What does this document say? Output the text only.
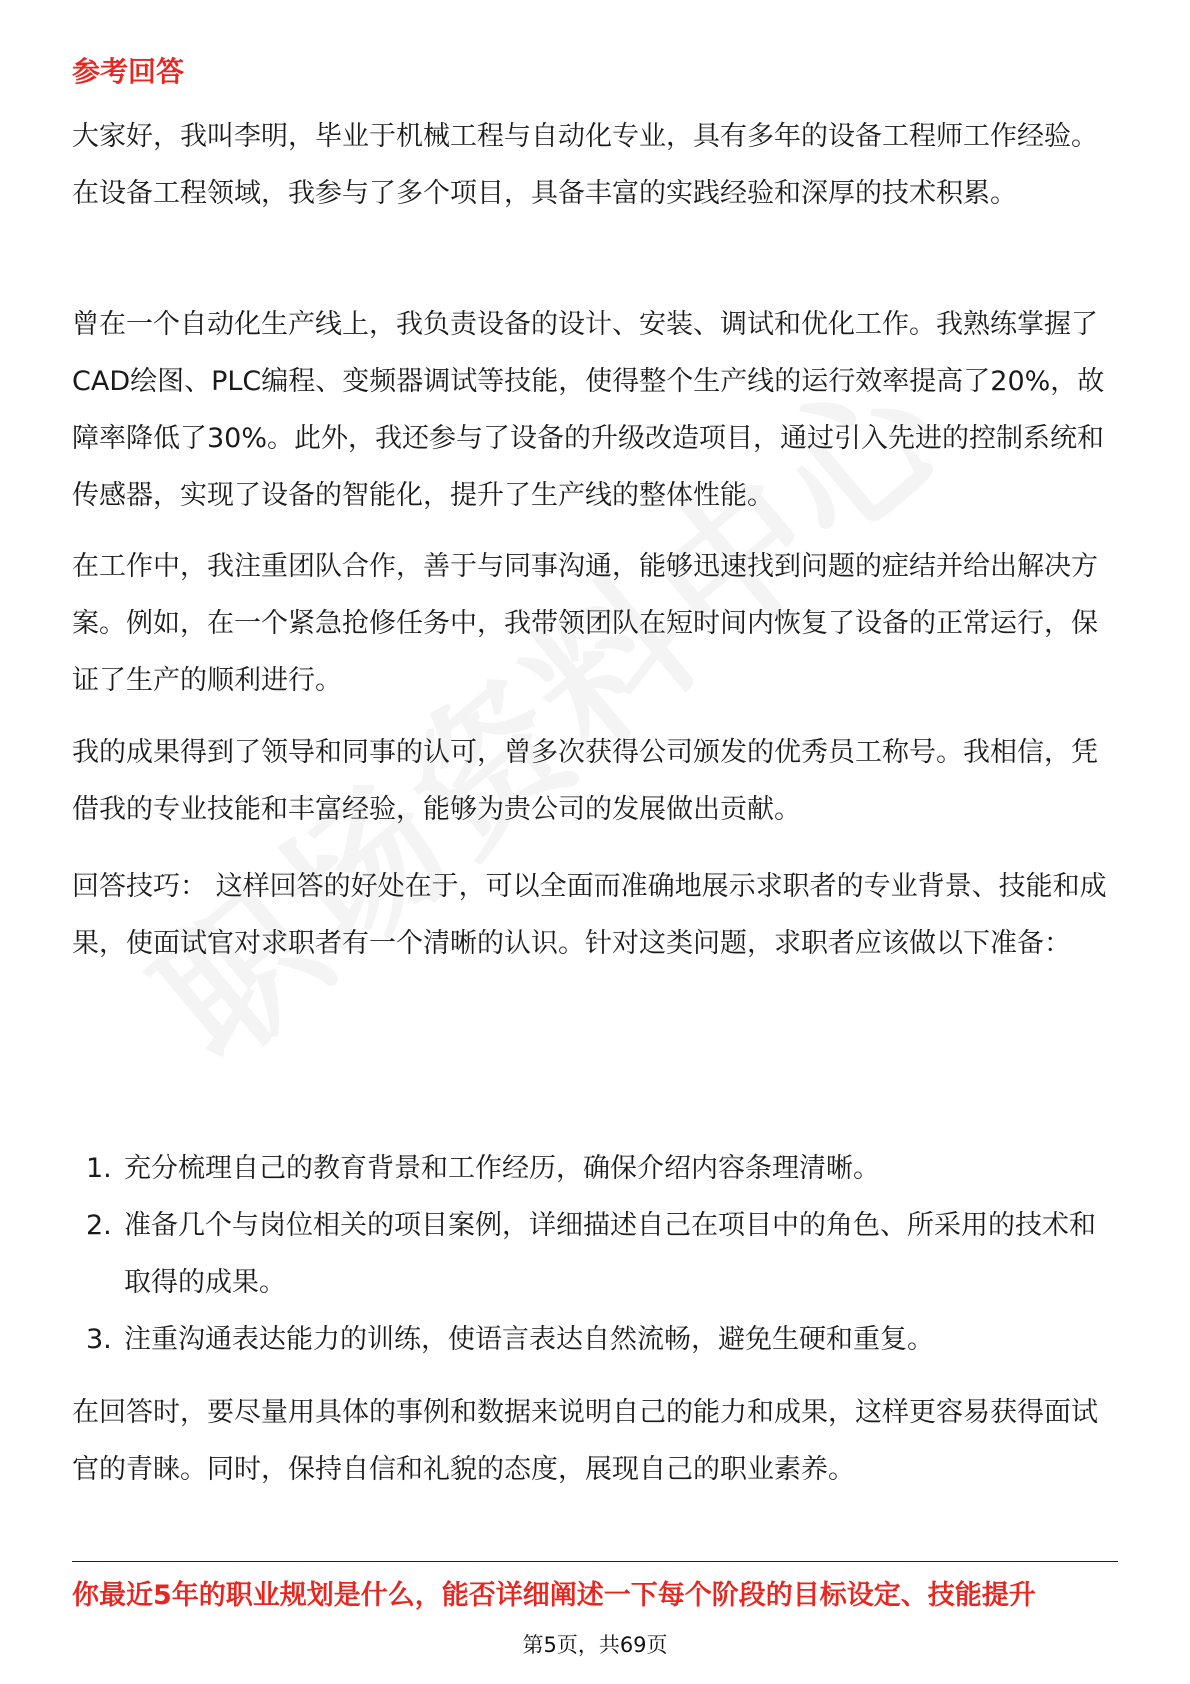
参考回答

大家好，我叫李明，毕业于机械工程与自动化专业，具有多年的设备工程师工作经验。在设备工程领域，我参与了多个项目，具备丰富的实践经验和深厚的技术积累。

曾在一个自动化生产线上，我负责设备的设计、安装、调试和优化工作。我熟练掌握了CAD绘图、PLC编程、变频器调试等技能，使得整个生产线的运行效率提高了20%，故障率降低了30%。此外，我还参与了设备的升级改造项目，通过引入先进的控制系统和传感器，实现了设备的智能化，提升了生产线的整体性能。

在工作中，我注重团队合作，善于与同事沟通，能够迅速找到问题的症结并给出解决方案。例如，在一个紧急抢修任务中，我带领团队在短时间内恢复了设备的正常运行，保证了生产的顺利进行。

我的成果得到了领导和同事的认可，曾多次获得公司颁发的优秀员工称号。我相信，凭借我的专业技能和丰富经验，能够为贵公司的发展做出贡献。

回答技巧： 这样回答的好处在于，可以全面而准确地展示求职者的专业背景、技能和成果，使面试官对求职者有一个清晰的认识。针对这类问题，求职者应该做以下准备：

1. 充分梳理自己的教育背景和工作经历，确保介绍内容条理清晰。
2. 准备几个与岗位相关的项目案例，详细描述自己在项目中的角色、所采用的技术和取得的成果。
3. 注重沟通表达能力的训练，使语言表达自然流畅，避免生硬和重复。

在回答时，要尽量用具体的事例和数据来说明自己的能力和成果，这样更容易获得面试官的青睐。同时，保持自信和礼貌的态度，展现自己的职业素养。

你最近5年的职业规划是什么，能否详细阐述一下每个阶段的目标设定、技能提升
第5页，共69页
